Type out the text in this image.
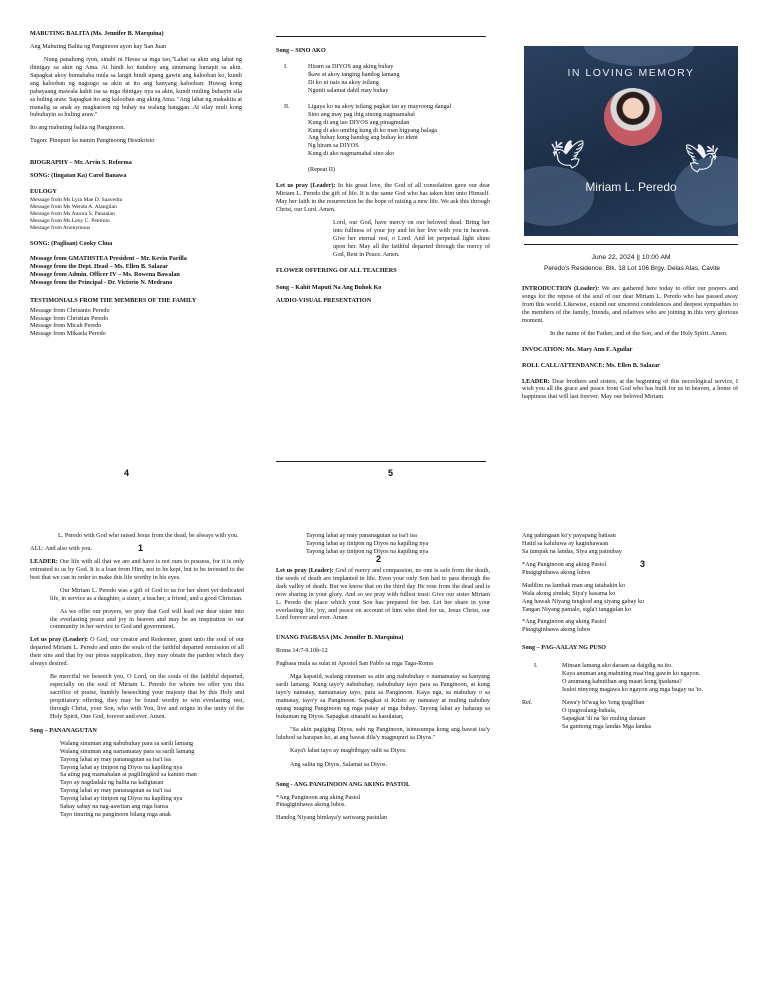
MABUTING BALITA (Ms. Jennifer B. Marquina)

Ang Mabuting Balita ng Panginoon ayon kay San Juan

Nung panahong iyon, sinabi ni Hesus sa mga tao,"Lahat sa akin ang lahat ng ibinigay sa akin ng Ama. At hindi ko itataboy ang sinumang lumapit sa akin. Sapagkat akoy bumababa mula sa langit hindi upang gawin ang kalooban ko, kundi ang kalooban ng nagsugo sa akin at ito ang kanyang kalooban: Huwag kong pabayaang mawala kahit isa sa mga ibinigay nya sa akin, kundi muling buhayin sila sa huling araw. Sapagkat ito ang kalooban ang aking Ama. "Ang lahat ng makakita at manalig sa anak ay magkaroon ng buhay na walang hanggan. At silay muli kong bubuhayin sa huling araw."

Ito ang mabuting balita ng Panginoon.

Tugon: Pinupuri ka namin Panginoong Hesukristo

BIOGRAPHY – Mr. Arvin S. Reforma

SONG: (Iingatan Ka) Carol Banawa

EULOGY

Message from Ms Lyra Mae D. Saavedra
Message from Ms Wenda A. Alangilan
Message from Ms Aurora S. Panaalan
Message from Ms.Leny C. Pentinio
Message from Anonymous

SONG: (Paglisan) Cooky Chua

Message from GMATHSTEA President – Mr. Kevin Parilla
Message from the Dept. Head – Ms. Ellen B. Salazar
Message from Admin. Officer IV – Ms. Rowena Bawalan
Message from the Principal - Dr. Victorio N. Medrano

TESTIMONIALS FROM THE MEMBERS OF THE FAMILY

Message from Chrisanto Peredo
Message from Christian Peredo
Message from Micah Peredo
Message from Mikaela Peredo
4

Song – SINO AKO

I.	Hiram sa DIYOS ang aking buhay
Ikaw at akoy tanging handog lamang
Di ko ni nais na akoy isilang
Ngunit salamat dahil may buhay
II.	Ligaya ko na akoy isilang pagkat tao ay mayroong dangal
Sino ang may pag ibig sinong nagmamahal
Kung di ang tao DIYOS ang pinagmulan
Kung di ako umibig kung di ko man bigyang halaga
Ang buhay kong handog ang buhay ko ident
Ng hiram sa DIYOS
Kung di ako nagmamahal sino ako

(Repeat II)

Let us pray (Leader): In his great love, the God of all consolation gave our dear Miriam L. Peredo the gift of life. It is the same God who has taken him unto Himself. May her faith in the resurrection be the hope of raising a new life. We ask this through Christ, our Lord. Amen.

Lord, our God, have mercy on our beloved dead. Bring her into fullness of your joy and let her live with you in heaven. Give her eternal rest, o Lord. And let perpetual light shine upon her. May all the faithful departed through the mercy of God, Rest in Peace. Amen.

FLOWER OFFERING OF ALL TEACHERS

Song – Kahit Maputi Na Ang Buhok Ko

AUDIO-VISUAL PRESENTATION

5
IN LOVING MEMORY
🕊	🕊
Miriam L. Peredo
June 22, 2024 || 10:00 AM
Peredo's Residence: Blk. 18 Lot 106 Brgy. Delas Alas, Cavite

INTRODUCTION (Leader): We are gathered here today to offer our prayers and songs for the repose of the soul of our dear Miriam L. Peredo who has passed away from this world. Likewise, extend our sincerest condolences and deepest sympathies to the members of the family, friends, and relatives who are joining in this very glorious moment.

In the name of the Father, and of the Son, and of the Holy Spirit. Amen.

INVOCATION: Ms. Mary Ann F. Aguilar

ROLL CALL/ATTENDANCE: Ms. Ellen B. Salazar

LEADER: Dear brothers and sisters, at the beginning of this necrological service, I wish you all the grace and peace from God who has built for us in heaven, a home of happiness that will last forever. May our beloved Miriam

L. Peredo with God who raised Jesus from the dead, be always with you.

1

ALL: And also with you.

LEADER: Our life with all that we are and have is not ours to possess, for it is only entrusted to us by God. It is a loan from Him, not to be kept, but to be invested to the best that we can in order to make this life worthy in his eyes.

Our Miriam L. Peredo was a gift of God to us for her short yet dedicated life, in service as a daughter, a sister, a teacher, a friend, and a good Christian.

As we offer our prayers, we pray that God will lead our dear sister into the everlasting peace and joy in heaven and may be an inspiration to our community in her service to God and government.

Let us pray (Leader): O God, our creator and Redeemer, grant unto the soul of our departed Miriam L. Peredo and unto the souls of the faithful departed remission of all their sins and that by our pious supplication, they may obtain the pardon which they always desired.

Be merciful we beseech you, O Lord, on the souls of the faithful departed, especially on the soul of Miriam L. Peredo for whom we offer you this sacrifice of praise, humbly beseeching your majesty that by this Holy and propitiatory offering, they may be found worthy to win everlasting rest, through Christ, your Son, who with You, live and reigns in the unity of the Holy Spirit, One God, forever and ever. Amen.

Song – PANANAGUTAN

Walang sinuman ang nabubuhay para sa sarili lamang
Walang sinuman ang namamatay para sa sarili lamang
Tayong lahat ay may pananagutan sa isa't isa
Tayong lahat ay tinipon ng Diyos na kapiling nya
Sa ating pag mamahalan at paglilingkod sa kanino man
Tayo ay nagdadala ng balita na kaligtasan
Tayong lahat ay may pananagutan sa isa't isa
Tayong lahat ay tinipon ng Diyos na kapiling nya
Sabay sabay na nag-aawitan ang mga bansa
Tayo tinuring na panginoon bilang mga anak

Tayong lahat ay may pananagutan sa isa't isa
Tayong lahat ay tinipon ng Diyos na kapiling nya
Tayong lahat ay tinipon ng Diyos na kapiling nya

2

Let us pray (Leader): God of mercy and compassion, no one is safe from the death, the seeds of death are implanted in life. Even your only Son had to pass through the dark valley of death. But we know that on the third day He rose from the dead and is now sharing in your glory. And so we pray with fullest trust: Give our sister Miriam L. Peredo the place which your Son has prepared for her. Let her share in your everlasting life, joy, and peace on account of him who died for us, Jesus Christ, our Lord forever and ever. Amen

UNANG PAGBASA (Ms. Jennifer B. Marquina)

Roma 14:7-9.10b-12

Pagbasa mula sa sulat ni Apostol San Pablo sa mga Taga-Roma

Mga kapatid, walang sinuman sa atin ang nabubuhay o namamatay sa kanyang sarili lamang. Kung tayo'y nabubuhay, nabubuhay tayo para sa Panginoon, at kung tayo'y namatay, namamatay tayo, para sa Panginoon. Kaya nga, sa mabuhay o sa mamatay, tayo'y sa Panginoon. Sapagkat si Kristo ay namatay at muling nabuhay upang maging Panginoon ng mga patay at mga buhay. Tayong lahat ay haharap sa hukuman ng Diyos. Sapagkat sinasabi sa kasulatan,

"Sa akin pagiging Diyos, sabi ng Panginoon, isinusumpa kong ang bawat isa'y luluhod sa harapan ko, at ang bawat dila'y magpupuri sa Diyos."

Kaya't lahat tayo ay magbibigay sulit sa Diyos.

Ang salita ng Diyos, Salamat sa Diyos.

Song - ANG PANGINOON ANG AKING PASTOL

*Ang Panginoon ang aking Pastol
Pinagiginhawa akong lubos.

Handog Niyang himlaya'y sariwang pastulan

Ang pahingaan ko'y payapang batisan
Hatid sa kaluluwa ay kaginhawaan
Sa tumpak na landas, Siya ang patnubay

*Ang Panginoon ang aking Pastol
Pinagiginhawa akong lubos

3

Madilim na lambak man ang tatahakin ko
Wala akong sindak; Siya'y kasama ko
Ang hawak Niyang tungkod ang siyang gabay ko
Tangan Niyang pamalo, sigla't tanggulan ko

*Ang Panginoon ang aking Pastol
Pinagiginhawa akong lubos

Song – PAG-AALAY NG PUSO

I.	Minsan lamang ako daraan sa daigdig na ito.
Kaya anuman ang mabuting maa'ring gawin ko ngayon.
O anumang kabutihan ang maari kong ipadama?
Isulot ninyong magawa ko ngayon ang mga bagay na 'to.
Ref.	Nawa'y hi'wag ko 'tong ipagliban
O ipagwalang-bahala,
Sapagkat 'di na 'ko muling daraan
Sa ganitong mga landas Mga landas
